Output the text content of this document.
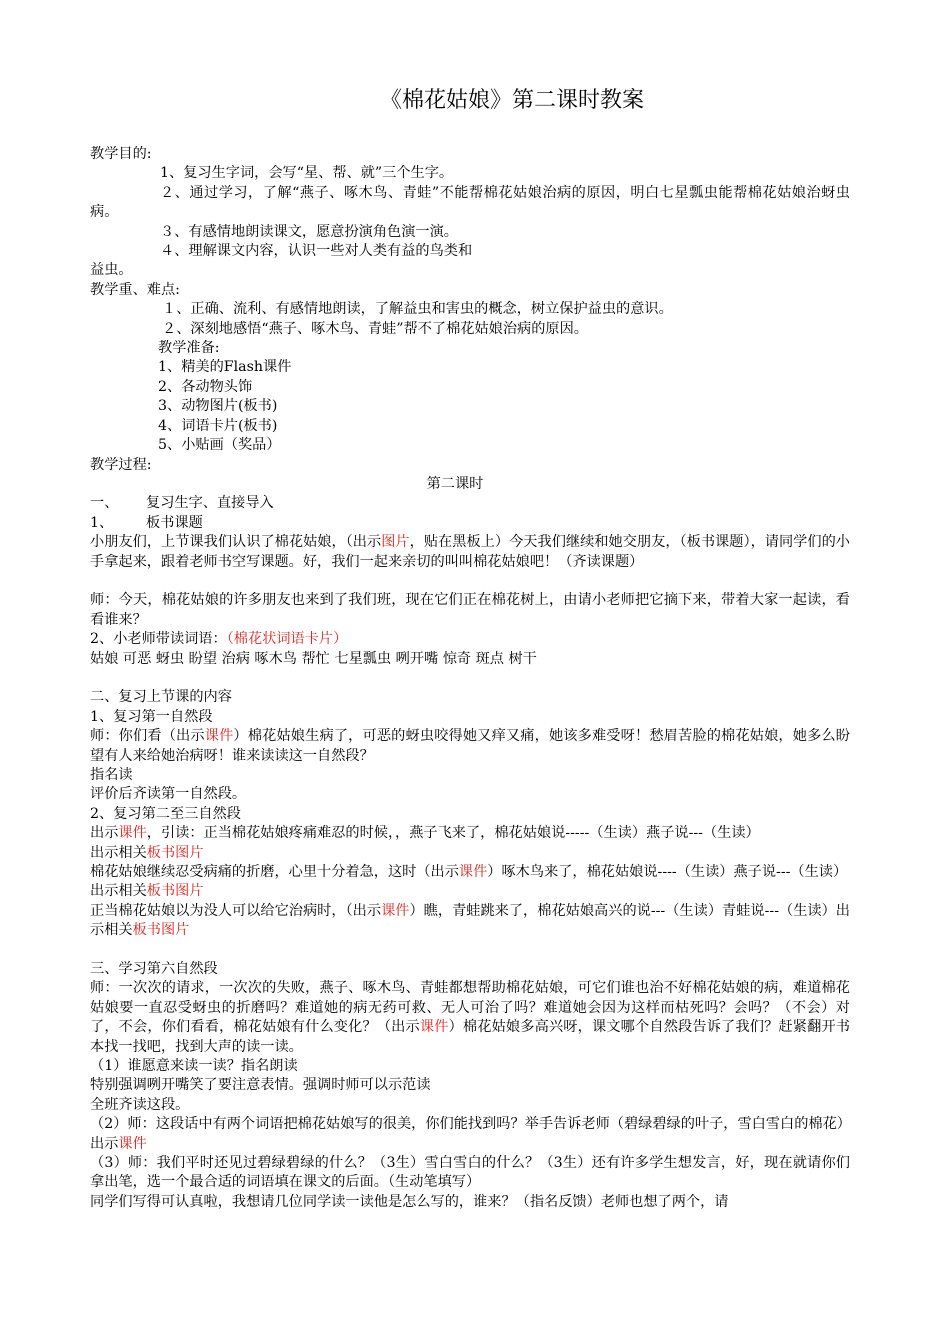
《棉花姑娘》第二课时教案
教学目的:
1、复习生字词，会写“星、帮、就”三个生字。
２、通过学习，了解“燕子、啄木鸟、青蛙”不能帮棉花姑娘治病的原因，明白七星瓢虫能帮棉花姑娘治蚜虫病。
３、有感情地朗读课文，愿意扮演角色演一演。
４、理解课文内容，认识一些对人类有益的鸟类和
益虫。
教学重、难点:
１、正确、流利、有感情地朗读，了解益虫和害虫的概念，树立保护益虫的意识。
２、深刻地感悟“燕子、啄木鸟、青蛙”帮不了棉花姑娘治病的原因。
教学准备:
1、精美的Flash课件
2、各动物头饰
3、动物图片(板书)
4、词语卡片(板书)
5、小贴画（奖品）
教学过程:
第二课时
一、 复习生字、直接导入
1、 板书课题
小朋友们，上节课我们认识了棉花姑娘，（出示图片，贴在黑板上）今天我们继续和她交朋友，（板书课题），请同学们的小手拿起来，跟着老师书空写课题。好，我们一起来亲切的叫叫棉花姑娘吧！（齐读课题）
师：今天，棉花姑娘的许多朋友也来到了我们班，现在它们正在棉花树上，由请小老师把它摘下来，带着大家一起读，看看谁来？
2、小老师带读词语：（棉花状词语卡片）
姑娘 可恶 蚜虫 盼望 治病 啄木鸟 帮忙 七星瓢虫 咧开嘴 惊奇 斑点 树干
二、复习上节课的内容
1、复习第一自然段
师：你们看（出示课件）棉花姑娘生病了，可恶的蚜虫咬得她又痒又痛，她该多难受呀！愁眉苦脸的棉花姑娘，她多么盼望有人来给她治病呀！谁来读读这一自然段？
指名读
评价后齐读第一自然段。
2、复习第二至三自然段
出示课件，引读：正当棉花姑娘疼痛难忍的时候，，燕子飞来了，棉花姑娘说-----（生读）燕子说---（生读）
出示相关板书图片
棉花姑娘继续忍受病痛的折磨，心里十分着急，这时（出示课件）啄木鸟来了，棉花姑娘说----（生读）燕子说---（生读）
出示相关板书图片
正当棉花姑娘以为没人可以给它治病时，（出示课件）瞧，青蛙跳来了，棉花姑娘高兴的说---（生读）青蛙说---（生读）出示相关板书图片
三、学习第六自然段
师：一次次的请求，一次次的失败，燕子、啄木鸟、青蛙都想帮助棉花姑娘，可它们谁也治不好棉花姑娘的病，难道棉花姑娘要一直忍受蚜虫的折磨吗？难道她的病无药可救、无人可治了吗？难道她会因为这样而枯死吗？会吗？（不会）对了，不会，你们看看，棉花姑娘有什么变化？（出示课件）棉花姑娘多高兴呀，课文哪个自然段告诉了我们？赶紧翻开书本找一找吧，找到大声的读一读。
（1）谁愿意来读一读？指名朗读
特别强调咧开嘴笑了要注意表情。强调时师可以示范读
全班齐读这段。
（2）师：这段话中有两个词语把棉花姑娘写的很美，你们能找到吗？举手告诉老师（碧绿碧绿的叶子，雪白雪白的棉花）
出示课件
（3）师：我们平时还见过碧绿碧绿的什么？（3生）雪白雪白的什么？（3生）还有许多学生想发言，好，现在就请你们拿出笔，选一个最合适的词语填在课文的后面。（生动笔填写）
同学们写得可认真啦，我想请几位同学读一读他是怎么写的，谁来？（指名反馈）老师也想了两个，请
